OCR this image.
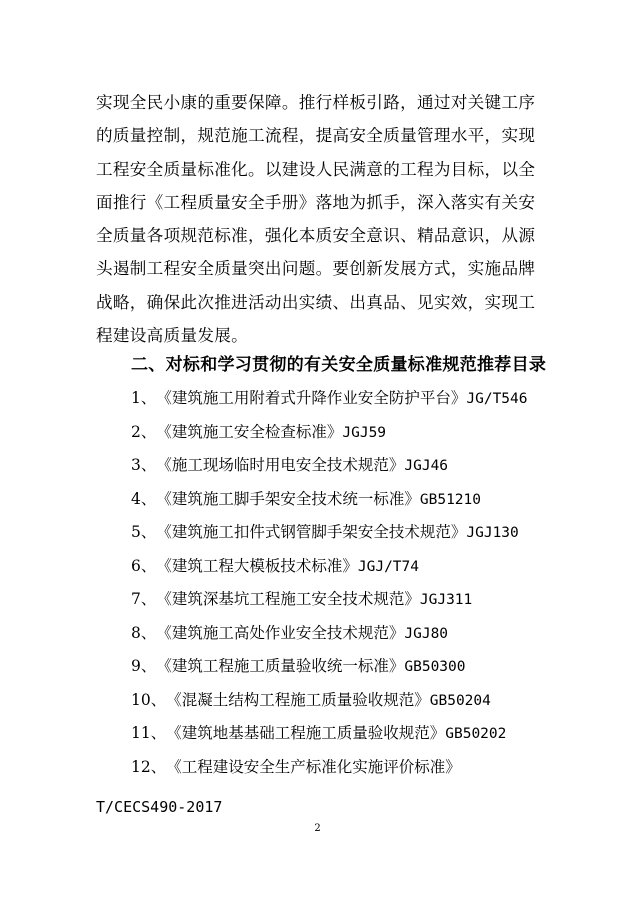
实现全民小康的重要保障。推行样板引路，通过对关键工序
的质量控制，规范施工流程，提高安全质量管理水平，实现
工程安全质量标准化。以建设人民满意的工程为目标，以全
面推行《工程质量安全手册》落地为抓手，深入落实有关安
全质量各项规范标准，强化本质安全意识、精品意识，从源
头遏制工程安全质量突出问题。要创新发展方式，实施品牌
战略，确保此次推进活动出实绩、出真品、见实效，实现工
程建设高质量发展。
二、对标和学习贯彻的有关安全质量标准规范推荐目录
1、《建筑施工用附着式升降作业安全防护平台》JG/T546
2、《建筑施工安全检查标准》JGJ59
3、《施工现场临时用电安全技术规范》JGJ46
4、《建筑施工脚手架安全技术统一标准》GB51210
5、《建筑施工扣件式钢管脚手架安全技术规范》JGJ130
6、《建筑工程大模板技术标准》JGJ/T74
7、《建筑深基坑工程施工安全技术规范》JGJ311
8、《建筑施工高处作业安全技术规范》JGJ80
9、《建筑工程施工质量验收统一标准》GB50300
10、《混凝土结构工程施工质量验收规范》GB50204
11、《建筑地基基础工程施工质量验收规范》GB50202
12、《工程建设安全生产标准化实施评价标准》

T/CECS490-2017

2
